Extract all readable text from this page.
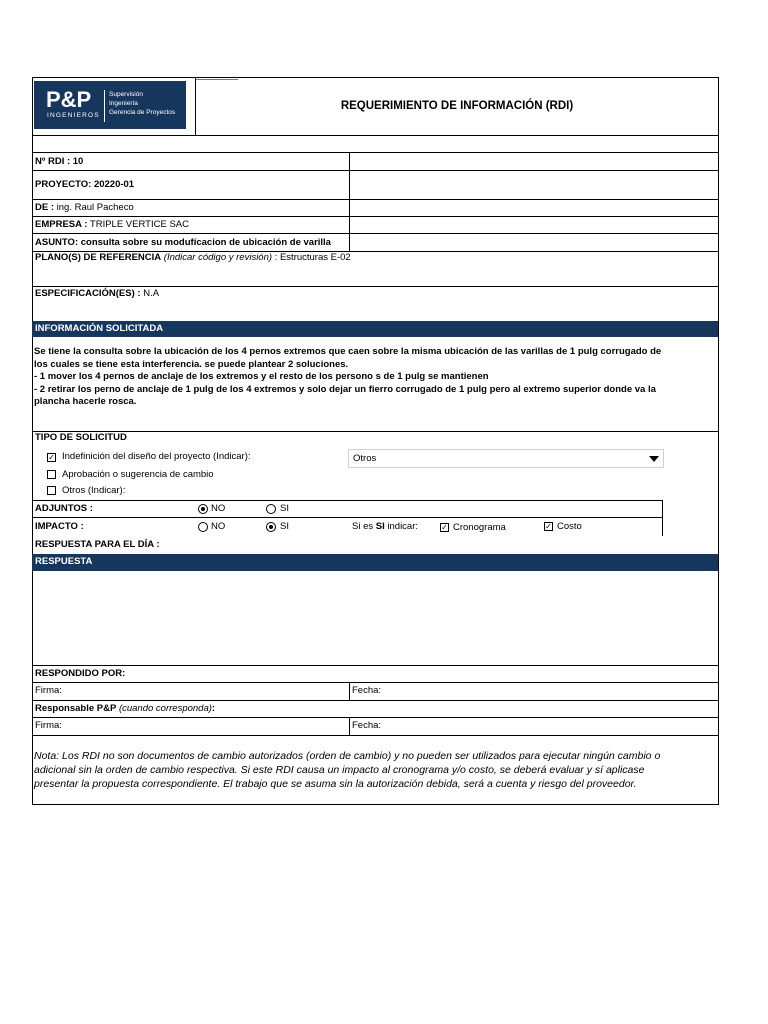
P&P
INGENIEROS
Supervisión
Ingeniería
Gerencia de Proyectos
REQUERIMIENTO DE INFORMACIÓN (RDI)
Nº RDI : 10
PROYECTO: 20220-01
DE : ing. Raul Pacheco
EMPRESA : TRIPLE VERTICE SAC
ASUNTO: consulta sobre su modufícacion de ubicación de varilla
PLANO(S) DE REFERENCIA (Indicar código y revisión) : Estructuras E-02
ESPECIFICACIÓN(ES) : N.A
INFORMACIÓN SOLICITADA
Se tiene la consulta sobre la ubicación de los 4 pernos extremos que caen sobre la misma ubicación de las varillas de 1 pulg corrugado de
los cuales se tiene esta interferencia. se puede plantear 2 soluciones.
- 1 mover los 4 pernos de anclaje de los extremos y el resto de los persono s de 1 pulg se mantienen
- 2 retirar los perno de anclaje de 1 pulg de los 4 extremos y solo dejar un fierro corrugado de 1 pulg pero al extremo superior donde va la
plancha hacerle rosca.
TIPO DE SOLICITUD
✓ Indefinición del diseño del proyecto (Indicar):
Aprobación o sugerencia de cambio
Otros (Indicar):
Otros
ADJUNTOS :	NO	SI
IMPACTO :	NO	SI	Si es SI indicar:	✓ Cronograma	✓ Costo
RESPUESTA PARA EL DÍA :
RESPUESTA
RESPONDIDO POR:
Firma:	Fecha:
Responsable P&P (cuando corresponda):
Firma:	Fecha:
Nota: Los RDI no son documentos de cambio autorizados (orden de cambio) y no pueden ser utilizados para ejecutar ningún cambio o
adicional sin la orden de cambio respectiva. Si este RDI causa un impacto al cronograma y/o costo, se deberá evaluar y sí aplicase
presentar la propuesta correspondiente. El trabajo que se asuma sin la autorización debida, será a cuenta y riesgo del proveedor.
